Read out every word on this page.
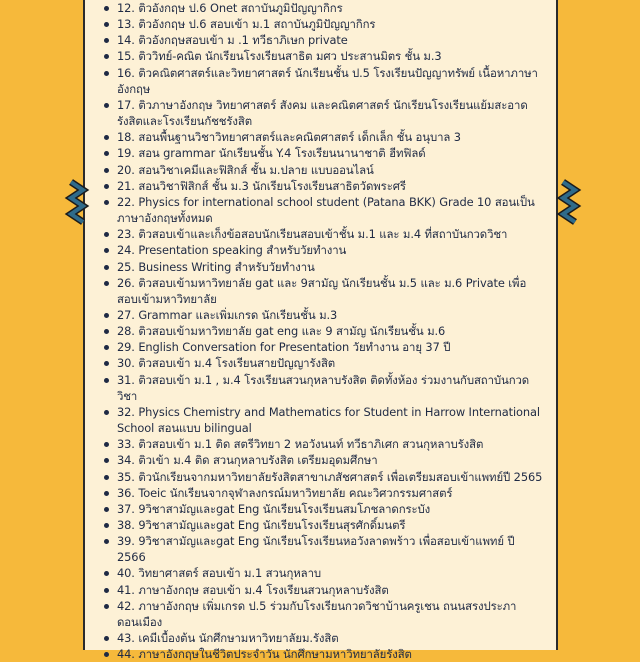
12. ติวอังกฤษ ป.6 Onet สถาบันภูมิปัญญากิกร
13. ติวอังกฤษ ป.6 สอบเข้า ม.1 สถาบันภูมิปัญญากิกร
14. ติวอังกฤษสอบเข้า ม .1 ทวีธาภิเษก private
15. ติววิทย์-คณิต นักเรียนโรงเรียนสาธิต มศว ประสานมิตร ชั้น ม.3
16. ติวคณิตศาสตร์และวิทยาศาสตร์ นักเรียนชั้น ป.5 โรงเรียนปัญญาทรัพย์ เนื้อหาภาษาอังกฤษ
17. ติวภาษาอังกฤษ วิทยาศาสตร์ สังคม และคณิตศาสตร์ นักเรียนโรงเรียนแย้มสะอาดรังสิตและโรงเรียนกัชชรังสิต
18. สอนพื้นฐานวิชาวิทยาศาสตร์และคณิตศาสตร์ เด็กเล็ก ชั้น อนุบาล 3
19. สอน grammar นักเรียนชั้น Y.4 โรงเรียนนานาชาติ ฮีทฟิลด์
20. สอนวิชาเคมีและฟิสิกส์ ชั้น ม.ปลาย แบบออนไลน์
21. สอนวิชาฟิสิกส์ ชั้น ม.3 นักเรียนโรงเรียนสาธิตวัดพระศรี
22. Physics for international school student (Patana BKK) Grade 10 สอนเป็นภาษาอังกฤษทั้งหมด
23. ติวสอบเข้าและเก็งข้อสอบนักเรียนสอบเข้าชั้น ม.1 และ ม.4 ที่สถาบันกวดวิชา
24. Presentation speaking สำหรับวัยทำงาน
25. Business Writing สำหรับวัยทำงาน
26. ติวสอบเข้ามหาวิทยาลัย gat และ 9สามัญ นักเรียนชั้น ม.5 และ ม.6 Private เพื่อสอบเข้ามหาวิทยาลัย
27. Grammar และเพิ่มเกรด นักเรียนชั้น ม.3
28. ติวสอบเข้ามหาวิทยาลัย gat eng และ 9 สามัญ นักเรียนชั้น ม.6
29. English Conversation for Presentation วัยทำงาน อายุ 37 ปี
30. ติวสอบเข้า ม.4 โรงเรียนสายปัญญารังสิต
31. ติวสอบเข้า ม.1 , ม.4 โรงเรียนสวนกุหลาบรังสิต ติดทั้งห้อง ร่วมงานกับสถาบันกวดวิชา
32. Physics Chemistry and Mathematics for Student in Harrow International School สอนแบบ bilingual
33. ติวสอบเข้า ม.1 ติด สตรีวิทยา 2 หอวังนนท์ ทวีธาภิเศก สวนกุหลาบรังสิต
34. ติวเข้า ม.4 ติด สวนกุหลาบรังสิต เตรียมอุดมศึกษา
35. ติวนักเรียนจากมหาวิทยาลัยรังสิตสาขาเภสัชศาสตร์ เพื่อเตรียมสอบเข้าแพทย์ปี 2565
36. Toeic นักเรียนจากจุฬาลงกรณ์มหาวิทยาลัย คณะวิศวกรรมศาสตร์
37. 9วิชาสามัญและgat Eng นักเรียนโรงเรียนสมโภชลาดกระบัง
38. 9วิชาสามัญและgat Eng นักเรียนโรงเรียนสุรศักดิ์มนตรี
39. 9วิชาสามัญและgat Eng นักเรียนโรงเรียนหอวังลาดพร้าว เพื่อสอบเข้าแพทย์ ปี 2566
40. วิทยาศาสตร์ สอบเข้า ม.1 สวนกุหลาบ
41. ภาษาอังกฤษ สอบเข้า ม.4 โรงเรียนสวนกุหลาบรังสิต
42. ภาษาอังกฤษ เพิ่มเกรด ป.5 ร่วมกับโรงเรียนกวดวิชาบ้านครูเชน ถนนสรงประภา ดอนเมือง
43. เคมีเบื้องต้น นักศึกษามหาวิทยาลัยม.รังสิต
44. ภาษาอังกฤษในชีวิตประจำวัน นักศึกษามหาวิทยาลัยรังสิต
